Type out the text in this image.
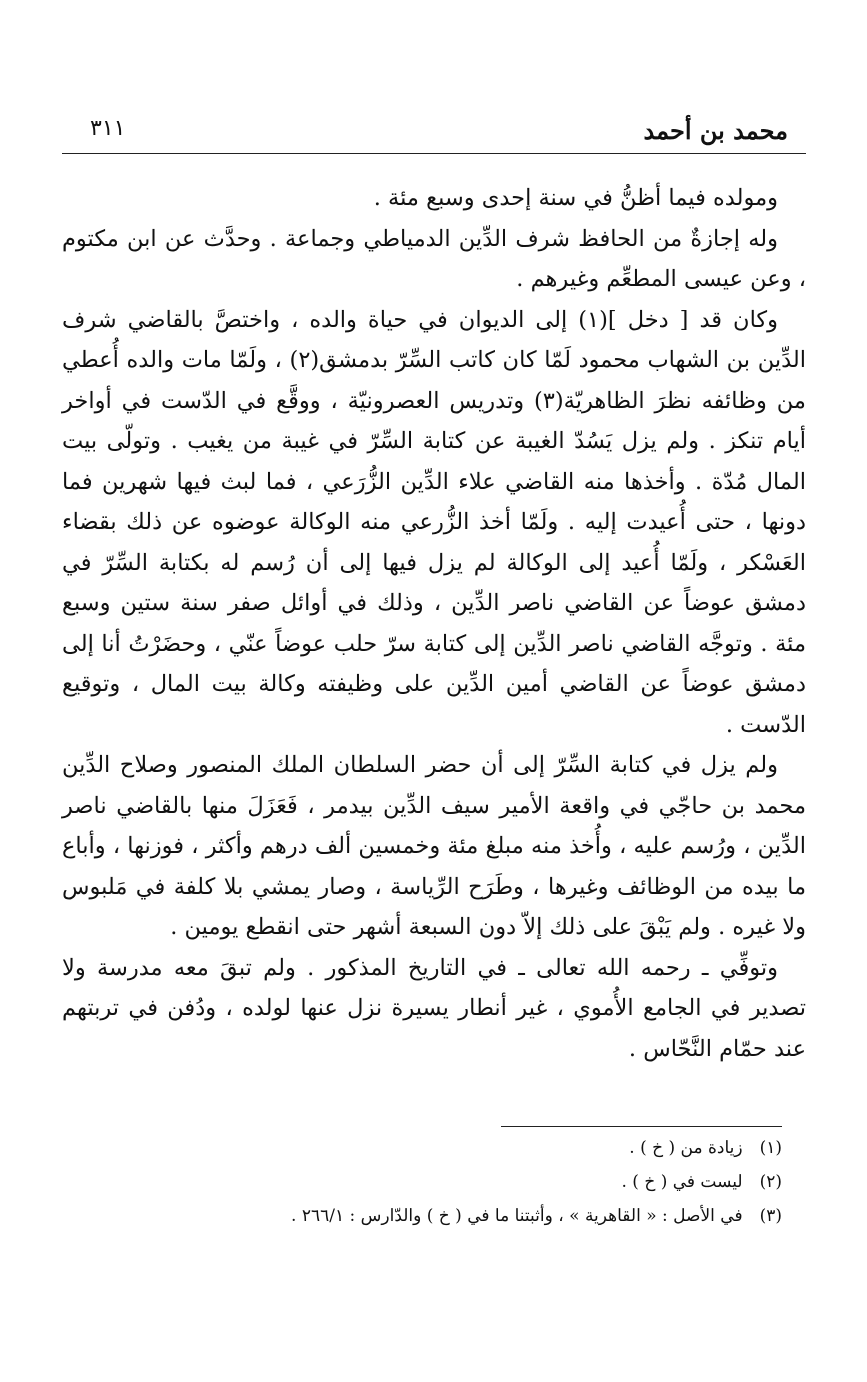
محمد بن أحمد
٣١١

ومولده فيما أظنُّ في سنة إحدى وسبع مئة .

وله إجازةٌ من الحافظ شرف الدِّين الدمياطي وجماعة . وحدَّث عن ابن مكتوم ، وعن عيسى المطعِّم وغيرهم .

وكان قد [ دخل ](١) إلى الديوان في حياة والده ، واختصَّ بالقاضي شرف الدِّين بن الشهاب محمود لَمّا كان كاتب السِّرّ بدمشق(٢) ، ولَمّا مات والده أُعطي من وظائفه نظرَ الظاهريّة(٣) وتدريس العصرونيّة ، ووقَّع في الدّست في أواخر أيام تنكز . ولم يزل يَسُدّ الغيبة عن كتابة السِّرّ في غيبة من يغيب . وتولّى بيت المال مُدّة . وأخذها منه القاضي علاء الدِّين الزُّرَعي ، فما لبث فيها شهرين فما دونها ، حتى أُعيدت إليه . ولَمّا أخذ الزُّرعي منه الوكالة عوضوه عن ذلك بقضاء العَسْكر ، ولَمّا أُعيد إلى الوكالة لم يزل فيها إلى أن رُسم له بكتابة السِّرّ في دمشق عوضاً عن القاضي ناصر الدِّين ، وذلك في أوائل صفر سنة ستين وسبع مئة . وتوجَّه القاضي ناصر الدِّين إلى كتابة سرّ حلب عوضاً عنّي ، وحضَرْتُ أنا إلى دمشق عوضاً عن القاضي أمين الدِّين على وظيفته وكالة بيت المال ، وتوقيع الدّست .

ولم يزل في كتابة السِّرّ إلى أن حضر السلطان الملك المنصور وصلاح الدِّين محمد بن حاجّي في واقعة الأمير سيف الدِّين بيدمر ، فَعَزَلَ منها بالقاضي ناصر الدِّين ، ورُسم عليه ، وأُخذ منه مبلغ مئة وخمسين ألف درهم وأكثر ، فوزنها ، وأباع ما بيده من الوظائف وغيرها ، وطَرَح الرِّياسة ، وصار يمشي بلا كلفة في مَلبوس ولا غيره . ولم يَبْقَ على ذلك إلاّ دون السبعة أشهر حتى انقطع يومين .

وتوفِّي ـ رحمه الله تعالى ـ في التاريخ المذكور . ولم تبقَ معه مدرسة ولا تصدير في الجامع الأُموي ، غير أنطار يسيرة نزل عنها لولده ، ودُفن في تربتهم عند حمّام النَّحّاس .

(١) زيادة من ( خ ) .
(٢) ليست في ( خ ) .
(٣) في الأصل : « القاهرية » ، وأثبتنا ما في ( خ ) والدّارس : ٢٦٦/١ .
